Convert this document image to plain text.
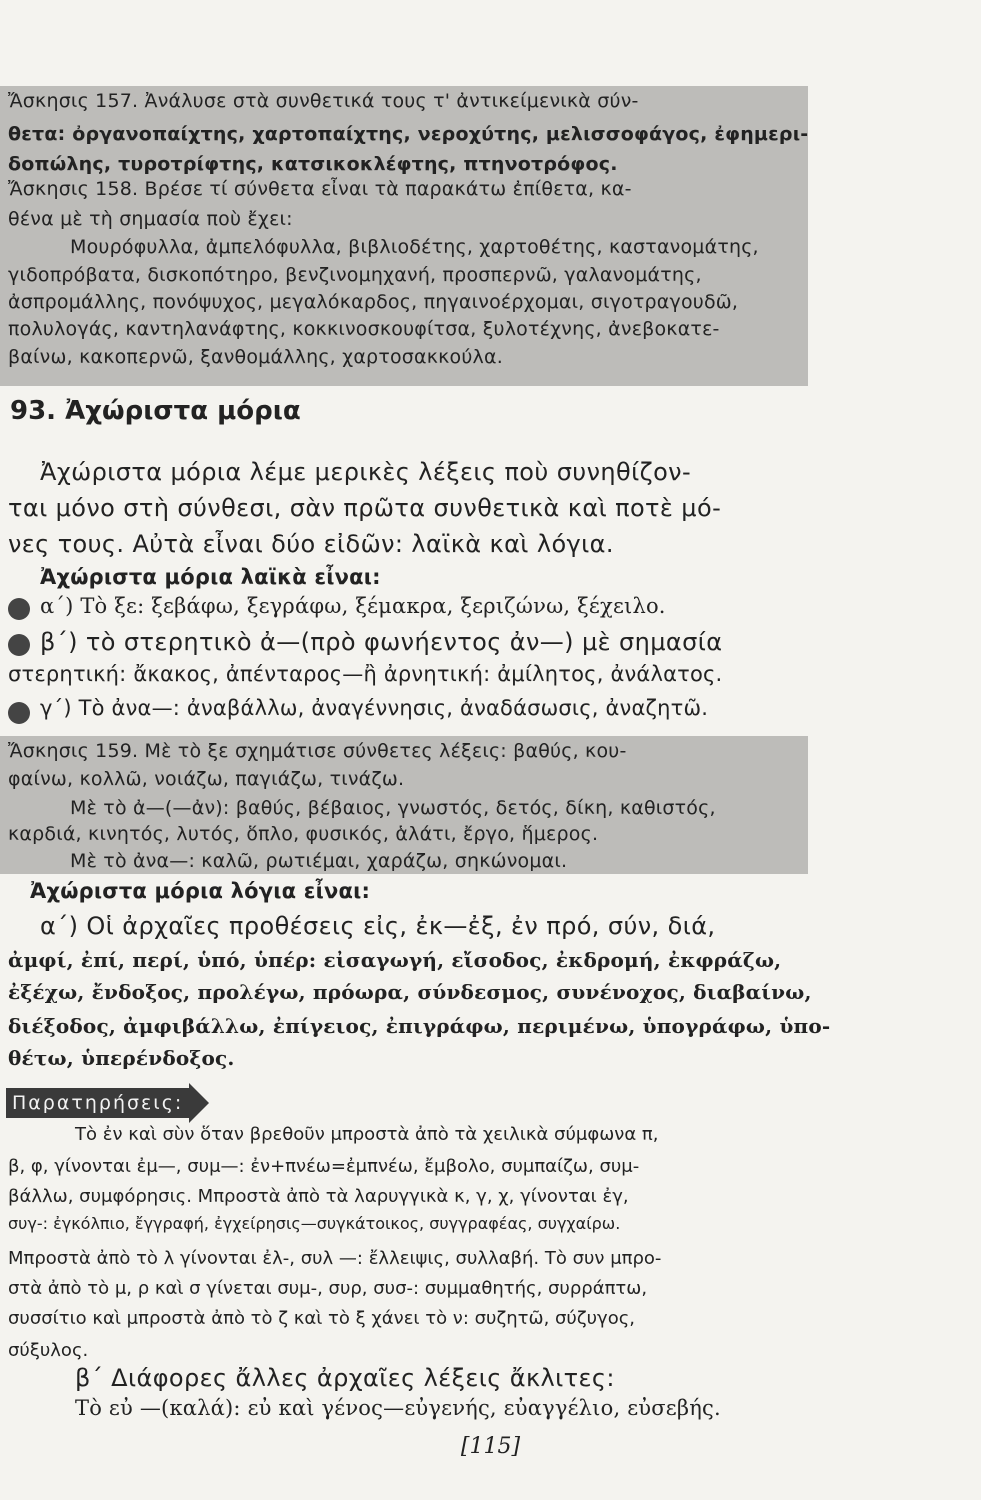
Ἄσκησις 157. Ἀνάλυσε στὰ συνθετικά τους τ' ἀντικείμενικὰ σύν-
θετα: ὀργανοπαίχτης, χαρτοπαίχτης, νεροχύτης, μελισσοφάγος, ἐφημερι-
δοπώλης, τυροτρίφτης, κατσικοκλέφτης, πτηνοτρόφος.
Ἄσκησις 158. Βρέσε τί σύνθετα εἶναι τὰ παρακάτω ἐπίθετα, κα-
θένα μὲ τὴ σημασία ποὺ ἔχει:
Μουρόφυλλα, ἀμπελόφυλλα, βιβλιοδέτης, χαρτοθέτης, καστανομάτης,
γιδοπρόβατα, δισκοπότηρο, βενζινομηχανή, προσπερνῶ, γαλανομάτης,
ἀσπρομάλλης, πονόψυχος, μεγαλόκαρδος, πηγαινοέρχομαι, σιγοτραγουδῶ,
πολυλογάς, καντηλανάφτης, κοκκινοσκουφίτσα, ξυλοτέχνης, ἀνεβοκατε-
βαίνω, κακοπερνῶ, ξανθομάλλης, χαρτοσακκούλα.
93. Ἀχώριστα μόρια
Ἀχώριστα μόρια λέμε μερικὲς λέξεις ποὺ συνηθίζον-
ται μόνο στὴ σύνθεσι, σὰν πρῶτα συνθετικὰ καὶ ποτὲ μό-
νες τους. Αὐτὰ εἶναι δύο εἰδῶν: λαϊκὰ καὶ λόγια.
Ἀχώριστα μόρια λαϊκὰ εἶναι:
α΄) Τὸ ξε: ξεβάφω, ξεγράφω, ξέμακρα, ξεριζώνω, ξέχειλο.
β΄) τὸ στερητικὸ ἀ—(πρὸ φωνήεντος ἀν—) μὲ σημασία
στερητική: ἄκακος, ἀπένταρος—ἢ ἀρνητική: ἀμίλητος, ἀνάλατος.
γ΄) Τὸ ἀνα—: ἀναβάλλω, ἀναγέννησις, ἀναδάσωσις, ἀναζητῶ.
Ἄσκησις 159. Μὲ τὸ ξε σχημάτισε σύνθετες λέξεις: βαθύς, κου-
φαίνω, κολλῶ, νοιάζω, παγιάζω, τινάζω.
Μὲ τὸ ἀ—(—ἀν): βαθύς, βέβαιος, γνωστός, δετός, δίκη, καθιστός,
καρδιά, κινητός, λυτός, ὅπλο, φυσικός, ἁλάτι, ἔργο, ἥμερος.
Μὲ τὸ ἀνα—: καλῶ, ρωτιέμαι, χαράζω, σηκώνομαι.
Ἀχώριστα μόρια λόγια εἶναι:
α΄) Οἱ ἀρχαῖες προθέσεις εἰς, ἐκ—ἐξ, ἐν πρό, σύν, διά,
ἀμφί, ἐπί, περί, ὑπό, ὑπέρ: εἰσαγωγή, εἴσοδος, ἐκδρομή, ἐκφράζω,
ἐξέχω, ἔνδοξος, προλέγω, πρόωρα, σύνδεσμος, συνένοχος, διαβαίνω,
διέξοδος, ἀμφιβάλλω, ἐπίγειος, ἐπιγράφω, περιμένω, ὑπογράφω, ὑπο-
θέτω, ὑπερένδοξος.
Παρατηρήσεις:
Τὸ ἐν καὶ σὺν ὅταν βρεθοῦν μπροστὰ ἀπὸ τὰ χειλικὰ σύμφωνα π,
β, φ, γίνονται ἐμ—, συμ—: ἐν+πνέω=ἐμπνέω, ἔμβολο, συμπαίζω, συμ-
βάλλω, συμφόρησις. Μπροστὰ ἀπὸ τὰ λαρυγγικὰ κ, γ, χ, γίνονται ἐγ,
συγ-: ἐγκόλπιο, ἔγγραφή, ἐγχείρησις—συγκάτοικος, συγγραφέας, συγχαίρω.
Μπροστὰ ἀπὸ τὸ λ γίνονται ἐλ-, συλ —: ἔλλειψις, συλλαβή. Τὸ συν μπρο-
στὰ ἀπὸ τὸ μ, ρ καὶ σ γίνεται συμ-, συρ, συσ-: συμμαθητής, συρράπτω,
συσσίτιο καὶ μπροστὰ ἀπὸ τὸ ζ καὶ τὸ ξ χάνει τὸ ν: συζητῶ, σύζυγος,
σύξυλος.
β΄ Διάφορες ἄλλες ἀρχαῖες λέξεις ἄκλιτες:
Τὸ εὐ —(καλά): εὐ καὶ γένος—εὐγενής, εὐαγγέλιο, εὐσεβής.
[115]
